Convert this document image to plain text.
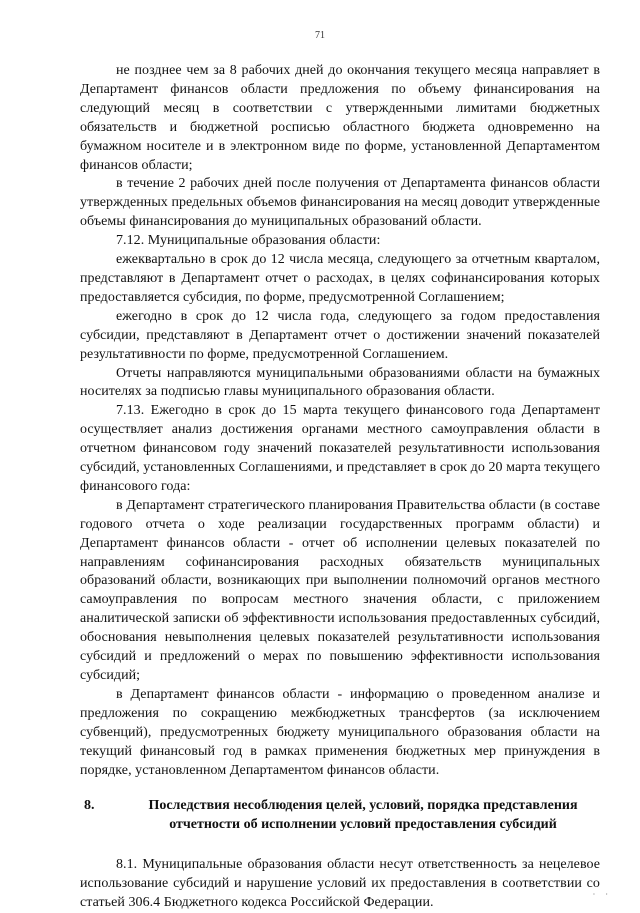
71

не позднее чем за 8 рабочих дней до окончания текущего месяца направляет в Департамент финансов области предложения по объему финансирования на следующий месяц в соответствии с утвержденными лимитами бюджетных обязательств и бюджетной росписью областного бюджета одновременно на бумажном носителе и в электронном виде по форме, установленной Департаментом финансов области;

в течение 2 рабочих дней после получения от Департамента финансов области утвержденных предельных объемов финансирования на месяц доводит утвержденные объемы финансирования до муниципальных образований области.

7.12. Муниципальные образования области:

ежеквартально в срок до 12 числа месяца, следующего за отчетным кварталом, представляют в Департамент отчет о расходах, в целях софинансирования которых предоставляется субсидия, по форме, предусмотренной Соглашением;

ежегодно в срок до 12 числа года, следующего за годом предоставления субсидии, представляют в Департамент отчет о достижении значений показателей результативности по форме, предусмотренной Соглашением.

Отчеты направляются муниципальными образованиями области на бумажных носителях за подписью главы муниципального образования области.

7.13. Ежегодно в срок до 15 марта текущего финансового года Департамент осуществляет анализ достижения органами местного самоуправления области в отчетном финансовом году значений показателей результативности использования субсидий, установленных Соглашениями, и представляет в срок до 20 марта текущего финансового года:

в Департамент стратегического планирования Правительства области (в составе годового отчета о ходе реализации государственных программ области) и Департамент финансов области - отчет об исполнении целевых показателей по направлениям софинансирования расходных обязательств муниципальных образований области, возникающих при выполнении полномочий органов местного самоуправления по вопросам местного значения области, с приложением аналитической записки об эффективности использования предоставленных субсидий, обоснования невыполнения целевых показателей результативности использования субсидий и предложений о мерах по повышению эффективности использования субсидий;

в Департамент финансов области - информацию о проведенном анализе и предложения по сокращению межбюджетных трансфертов (за исключением субвенций), предусмотренных бюджету муниципального образования области на текущий финансовый год в рамках применения бюджетных мер принуждения в порядке, установленном Департаментом финансов области.

8.	Последствия несоблюдения целей, условий, порядка представления отчетности об исполнении условий предоставления субсидий

8.1. Муниципальные образования области несут ответственность за нецелевое использование субсидий и нарушение условий их предоставления в соответствии со статьей 306.4 Бюджетного кодекса Российской Федерации.

· ·
